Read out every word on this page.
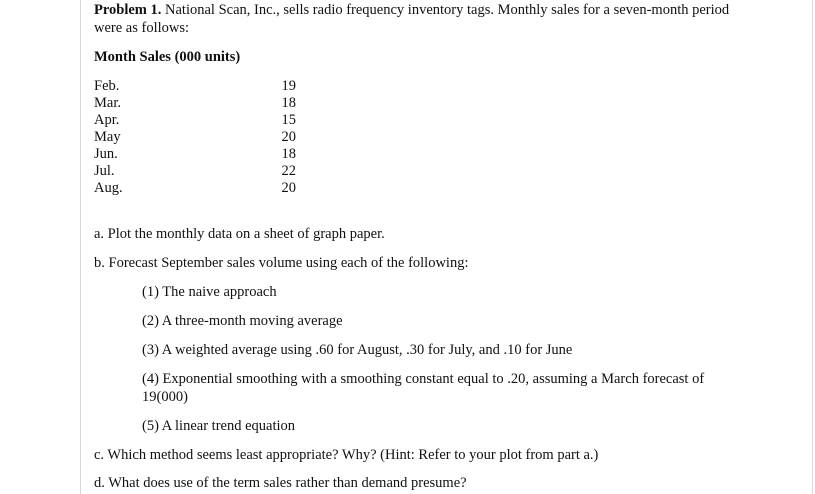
Problem 1. National Scan, Inc., sells radio frequency inventory tags. Monthly sales for a seven-month period were as follows:

Month Sales (000 units)

Feb.
Mar.
Apr.
May
Jun.
Jul.
Aug.
19
18
15
20
18
22
20

a. Plot the monthly data on a sheet of graph paper.

b. Forecast September sales volume using each of the following:

(1) The naive approach

(2) A three-month moving average

(3) A weighted average using .60 for August, .30 for July, and .10 for June

(4) Exponential smoothing with a smoothing constant equal to .20, assuming a March forecast of 19(000)

(5) A linear trend equation

c. Which method seems least appropriate? Why? (Hint: Refer to your plot from part a.)

d. What does use of the term sales rather than demand presume?
